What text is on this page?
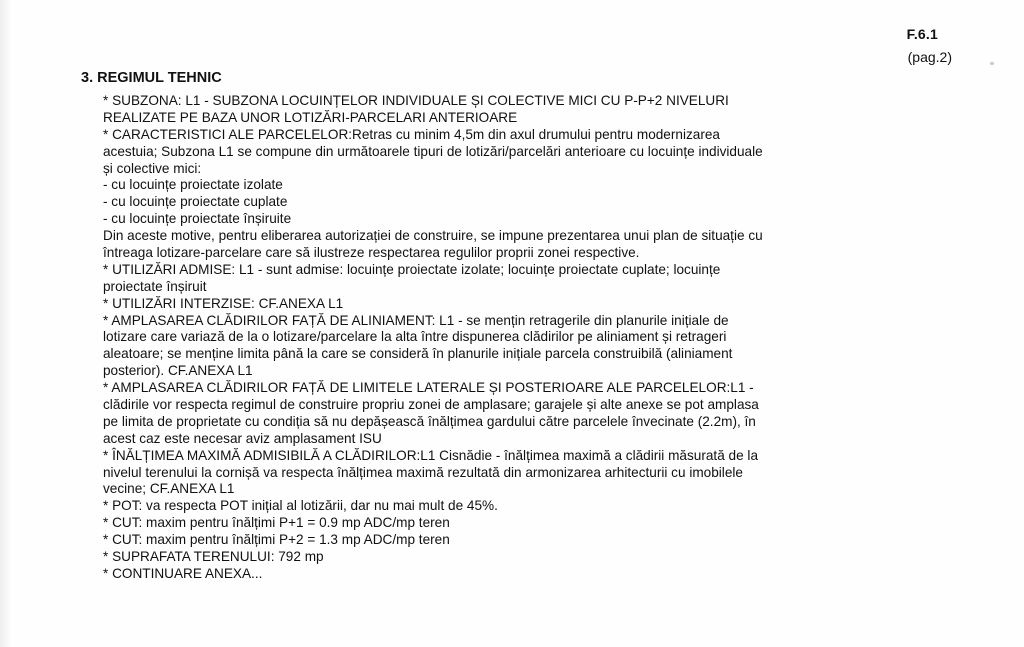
F.6.1
(pag.2)
3. REGIMUL TEHNIC
* SUBZONA: L1 - SUBZONA LOCUINȚELOR INDIVIDUALE ȘI COLECTIVE MICI CU P-P+2 NIVELURI
REALIZATE PE BAZA UNOR LOTIZĂRI-PARCELARI ANTERIOARE
* CARACTERISTICI ALE PARCELELOR:Retras cu minim 4,5m din axul drumului pentru modernizarea
acestuia; Subzona L1 se compune din următoarele tipuri de lotizări/parcelări anterioare cu locuințe individuale
și colective mici:
- cu locuințe proiectate izolate
- cu locuințe proiectate cuplate
- cu locuințe proiectate înșiruite
Din aceste motive, pentru eliberarea autorizației de construire, se impune prezentarea unui plan de situație cu
întreaga lotizare-parcelare care să ilustreze respectarea regulilor proprii zonei respective.
* UTILIZĂRI ADMISE: L1 - sunt admise: locuințe proiectate izolate; locuințe proiectate cuplate; locuințe
proiectate înșiruit
* UTILIZĂRI INTERZISE: CF.ANEXA L1
* AMPLASAREA CLĂDIRILOR FAȚĂ DE ALINIAMENT: L1 - se mențin retragerile din planurile inițiale de
lotizare care variază de la o lotizare/parcelare la alta între dispunerea clădirilor pe aliniament și retrageri
aleatoare; se menține limita până la care se consideră în planurile inițiale parcela construibilă (aliniament
posterior). CF.ANEXA L1
* AMPLASAREA CLĂDIRILOR FAȚĂ DE LIMITELE LATERALE ȘI POSTERIOARE ALE PARCELELOR:L1 -
clădirile vor respecta regimul de construire propriu zonei de amplasare; garajele și alte anexe se pot amplasa
pe limita de proprietate cu condiția să nu depășească înălțimea gardului către parcelele învecinate (2.2m), în
acest caz este necesar aviz amplasament ISU
* ÎNĂLȚIMEA MAXIMĂ ADMISIBILĂ A CLĂDIRILOR:L1 Cisnădie - înălțimea maximă a clădirii măsurată de la
nivelul terenului la cornișă va respecta înălțimea maximă rezultată din armonizarea arhitecturii cu imobilele
vecine; CF.ANEXA L1
* POT: va respecta POT inițial al lotizării, dar nu mai mult de 45%.
* CUT: maxim pentru înălțimi P+1 = 0.9 mp ADC/mp teren
* CUT: maxim pentru înălțimi P+2 = 1.3 mp ADC/mp teren
* SUPRAFATA TERENULUI: 792 mp
* CONTINUARE ANEXA...
